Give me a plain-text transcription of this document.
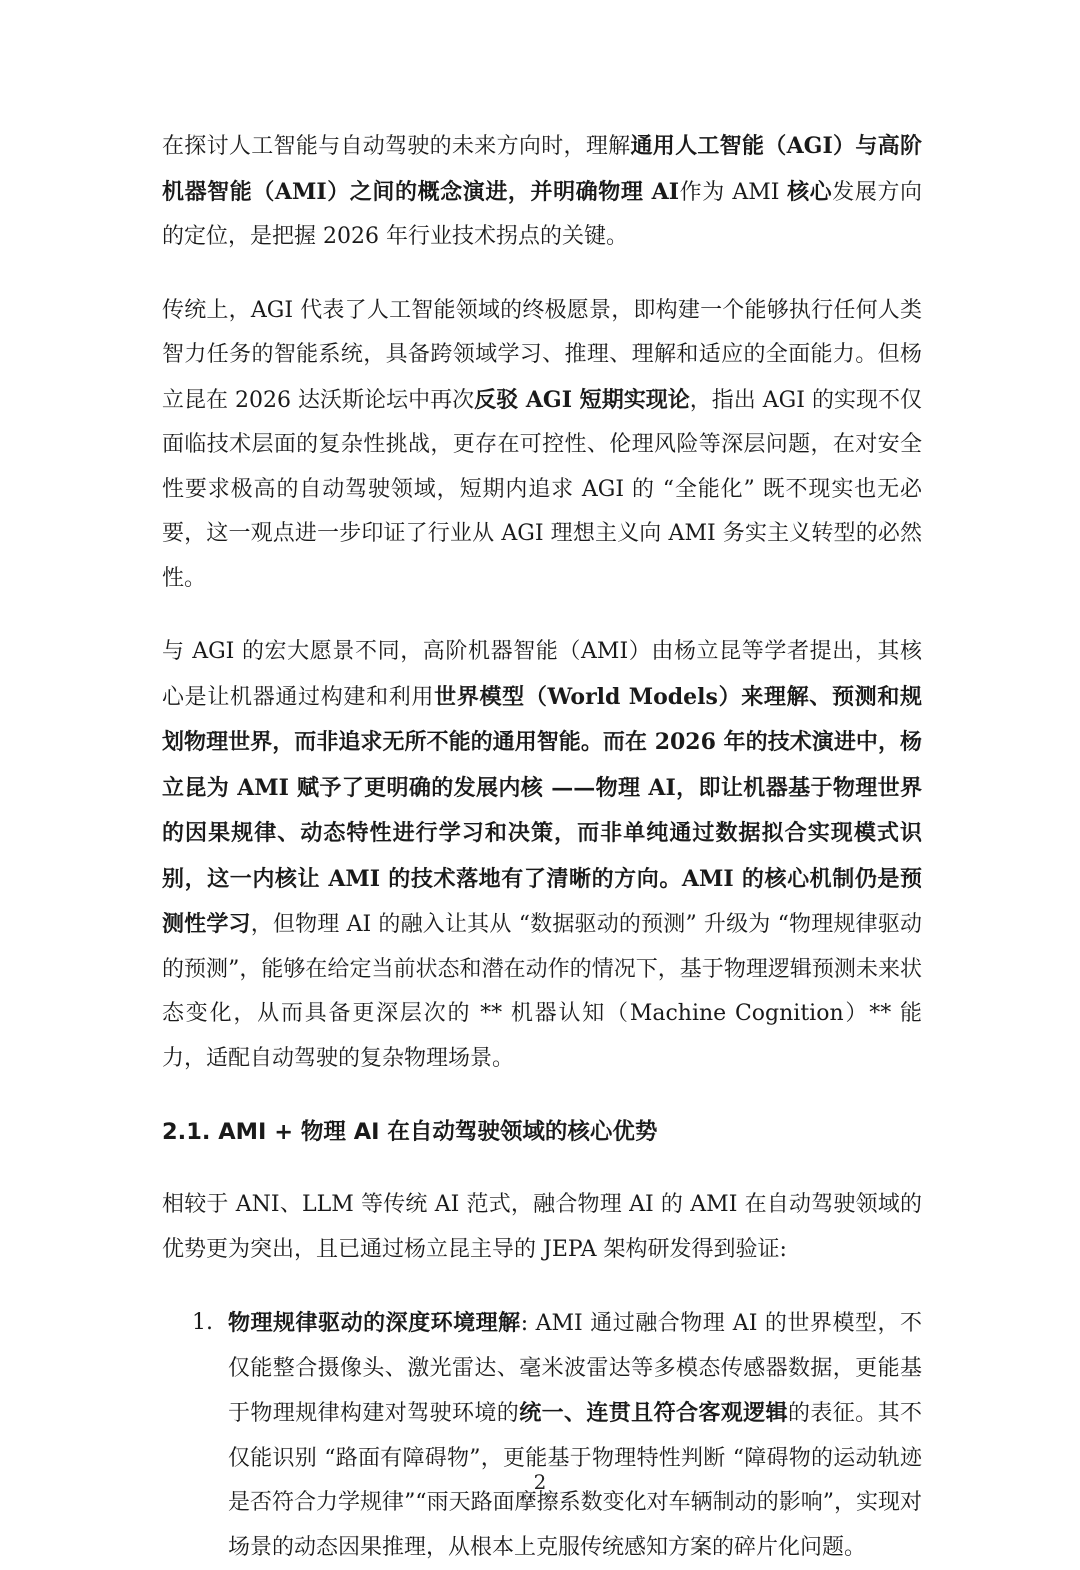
在探讨人工智能与自动驾驶的未来方向时，理解通用人工智能（AGI）与高阶机器智能（AMI）之间的概念演进，并明确物理 AI作为 AMI 核心发展方向的定位，是把握 2026 年行业技术拐点的关键。

传统上，AGI 代表了人工智能领域的终极愿景，即构建一个能够执行任何人类智力任务的智能系统，具备跨领域学习、推理、理解和适应的全面能力。但杨立昆在 2026 达沃斯论坛中再次反驳 AGI 短期实现论，指出 AGI 的实现不仅面临技术层面的复杂性挑战，更存在可控性、伦理风险等深层问题，在对安全性要求极高的自动驾驶领域，短期内追求 AGI 的 “全能化” 既不现实也无必要，这一观点进一步印证了行业从 AGI 理想主义向 AMI 务实主义转型的必然性。

与 AGI 的宏大愿景不同，高阶机器智能（AMI）由杨立昆等学者提出，其核心是让机器通过构建和利用世界模型（World Models）来理解、预测和规划物理世界，而非追求无所不能的通用智能。而在 2026 年的技术演进中，杨立昆为 AMI 赋予了更明确的发展内核 ——物理 AI，即让机器基于物理世界的因果规律、动态特性进行学习和决策，而非单纯通过数据拟合实现模式识别，这一内核让 AMI 的技术落地有了清晰的方向。AMI 的核心机制仍是预测性学习，但物理 AI 的融入让其从 “数据驱动的预测” 升级为 “物理规律驱动的预测”，能够在给定当前状态和潜在动作的情况下，基于物理逻辑预测未来状态变化，从而具备更深层次的 ** 机器认知（Machine Cognition）** 能力，适配自动驾驶的复杂物理场景。

2.1. AMI + 物理 AI 在自动驾驶领域的核心优势

相较于 ANI、LLM 等传统 AI 范式，融合物理 AI 的 AMI 在自动驾驶领域的优势更为突出，且已通过杨立昆主导的 JEPA 架构研发得到验证:

1. 物理规律驱动的深度环境理解: AMI 通过融合物理 AI 的世界模型，不仅能整合摄像头、激光雷达、毫米波雷达等多模态传感器数据，更能基于物理规律构建对驾驶环境的统一、连贯且符合客观逻辑的表征。其不仅能识别 “路面有障碍物”，更能基于物理特性判断 “障碍物的运动轨迹是否符合力学规律”“雨天路面摩擦系数变化对车辆制动的影响”，实现对场景的动态因果推理，从根本上克服传统感知方案的碎片化问题。
2
